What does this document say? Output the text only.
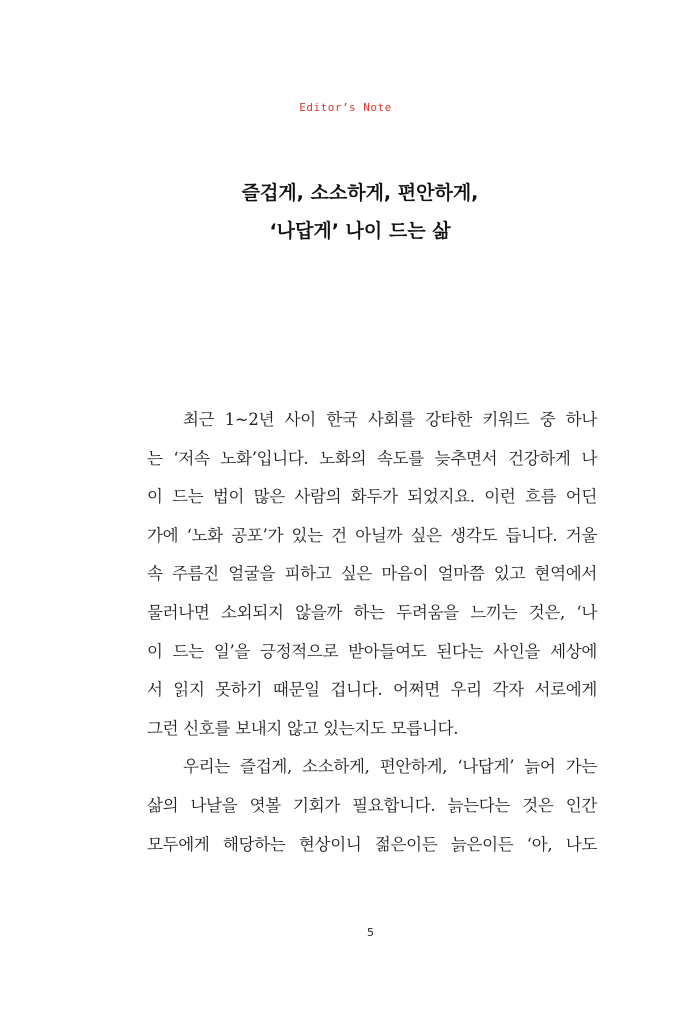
Editor’s Note
즐겁게, 소소하게, 편안하게,
‘나답게’ 나이 드는 삶

최근 1~2년 사이 한국 사회를 강타한 키워드 중 하나
는 ‘저속 노화’입니다. 노화의 속도를 늦추면서 건강하게 나
이 드는 법이 많은 사람의 화두가 되었지요. 이런 흐름 어딘
가에 ‘노화 공포’가 있는 건 아닐까 싶은 생각도 듭니다. 거울
속 주름진 얼굴을 피하고 싶은 마음이 얼마쯤 있고 현역에서
물러나면 소외되지 않을까 하는 두려움을 느끼는 것은, ‘나
이 드는 일’을 긍정적으로 받아들여도 된다는 사인을 세상에
서 읽지 못하기 때문일 겁니다. 어쩌면 우리 각자 서로에게
그런 신호를 보내지 않고 있는지도 모릅니다.

우리는 즐겁게, 소소하게, 편안하게, ‘나답게’ 늙어 가는
삶의 나날을 엿볼 기회가 필요합니다. 늙는다는 것은 인간
모두에게 해당하는 현상이니 젊은이든 늙은이든 ‘아, 나도

5
